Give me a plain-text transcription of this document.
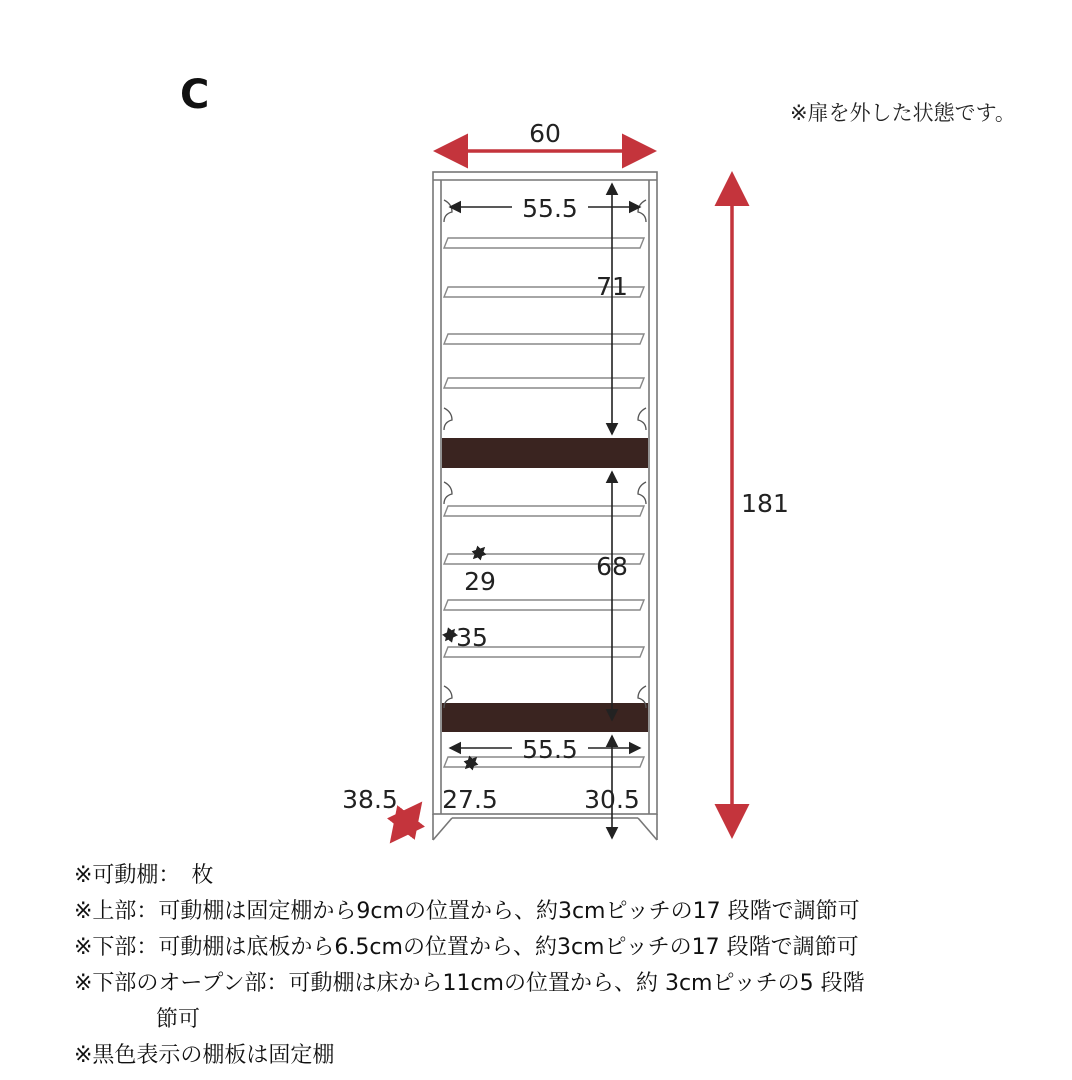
C	※扉を外した状態です。
60
55.5
71
181
68
29
35
55.5
38.5 27.5	30.5
※可動棚：　枚
※上部：可動棚は固定棚から9cmの位置から、約3cmピッチの17 段階で調節可
※下部：可動棚は底板から6.5cmの位置から、約3cmピッチの17 段階で調節可
※下部のオープン部：可動棚は床から11cmの位置から、約 3cmピッチの5 段階
節可
※黒色表示の棚板は固定棚
